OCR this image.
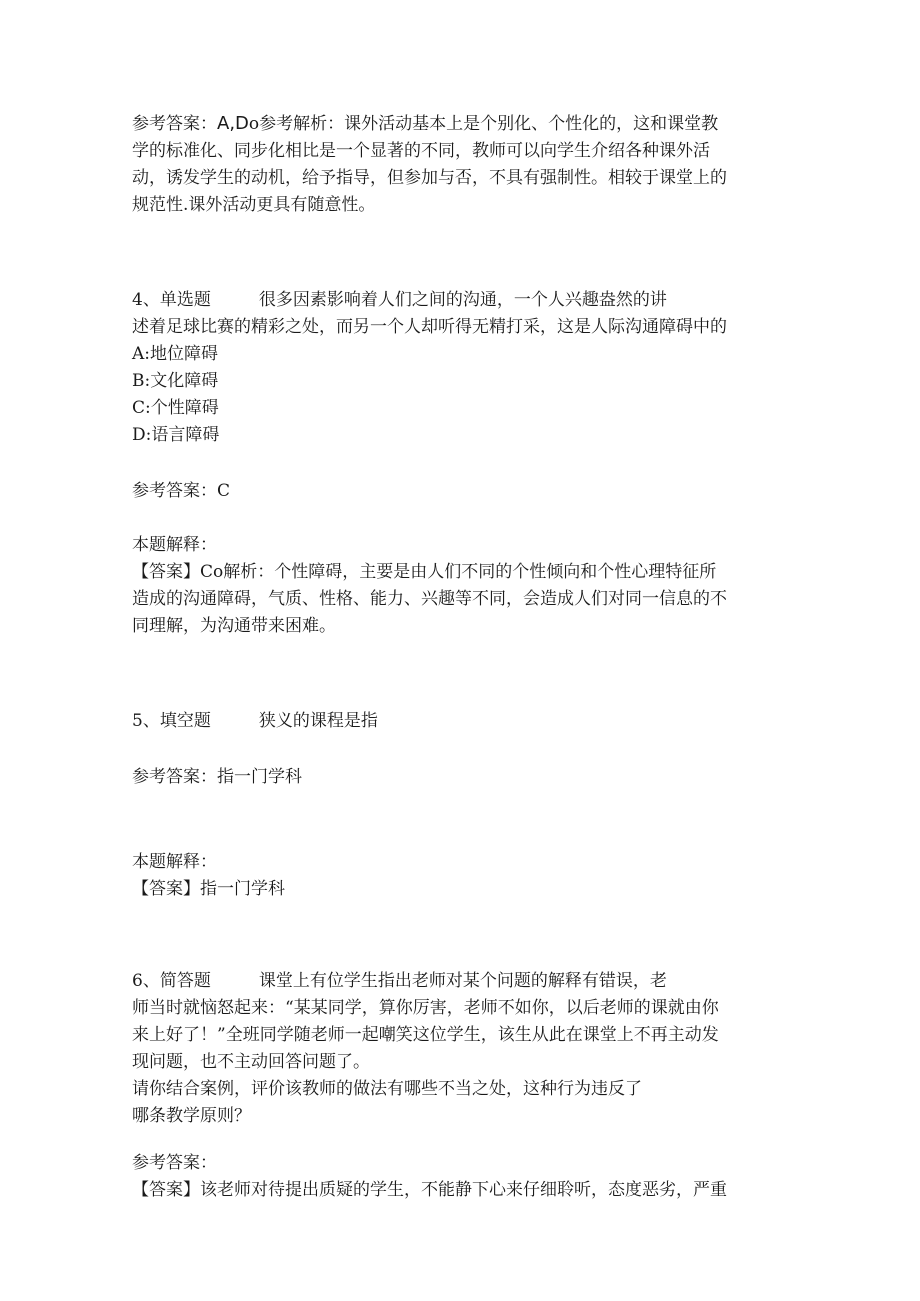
参考答案：A,Do参考解析：课外活动基本上是个别化、个性化的，这和课堂教
学的标准化、同步化相比是一个显著的不同，教师可以向学生介绍各种课外活
动，诱发学生的动机，给予指导，但参加与否，不具有强制性。相较于课堂上的
规范性.课外活动更具有随意性。
4、单选题	很多因素影响着人们之间的沟通，一个人兴趣盎然的讲
述着足球比赛的精彩之处，而另一个人却听得无精打采，这是人际沟通障碍中的
A:地位障碍
B:文化障碍
C:个性障碍
D:语言障碍
参考答案：C
本题解释：
【答案】Co解析：个性障碍，主要是由人们不同的个性倾向和个性心理特征所
造成的沟通障碍，气质、性格、能力、兴趣等不同，会造成人们对同一信息的不
同理解，为沟通带来困难。
5、填空题	狭义的课程是指
参考答案：指一门学科
本题解释：
【答案】指一门学科
6、简答题	课堂上有位学生指出老师对某个问题的解释有错误，老
师当时就恼怒起来：“某某同学，算你厉害，老师不如你，以后老师的课就由你
来上好了！”全班同学随老师一起嘲笑这位学生，该生从此在课堂上不再主动发
现问题，也不主动回答问题了。
请你结合案例，评价该教师的做法有哪些不当之处，这种行为违反了
哪条教学原则？
参考答案：
【答案】该老师对待提出质疑的学生，不能静下心来仔细聆听，态度恶劣，严重
